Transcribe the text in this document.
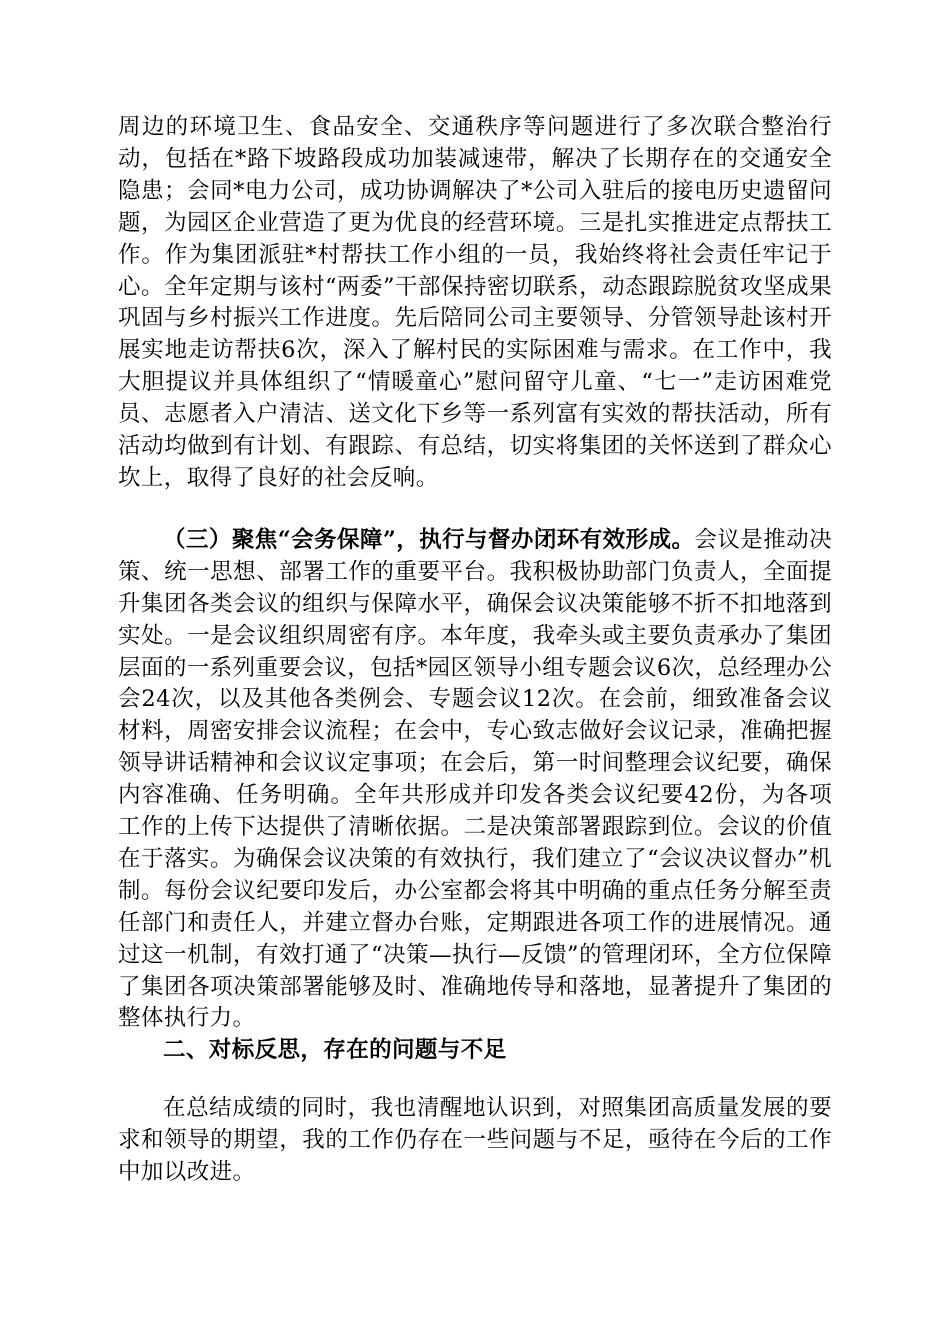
周边的环境卫生、食品安全、交通秩序等问题进行了多次联合整治行动，包括在*路下坡路段成功加装减速带，解决了长期存在的交通安全隐患；会同*电力公司，成功协调解决了*公司入驻后的接电历史遗留问题，为园区企业营造了更为优良的经营环境。三是扎实推进定点帮扶工作。作为集团派驻*村帮扶工作小组的一员，我始终将社会责任牢记于心。全年定期与该村“两委”干部保持密切联系，动态跟踪脱贫攻坚成果巩固与乡村振兴工作进度。先后陪同公司主要领导、分管领导赴该村开展实地走访帮扶6次，深入了解村民的实际困难与需求。在工作中，我大胆提议并具体组织了“情暖童心”慰问留守儿童、“七一”走访困难党员、志愿者入户清洁、送文化下乡等一系列富有实效的帮扶活动，所有活动均做到有计划、有跟踪、有总结，切实将集团的关怀送到了群众心坎上，取得了良好的社会反响。

（三）聚焦“会务保障”，执行与督办闭环有效形成。会议是推动决策、统一思想、部署工作的重要平台。我积极协助部门负责人，全面提升集团各类会议的组织与保障水平，确保会议决策能够不折不扣地落到实处。一是会议组织周密有序。本年度，我牵头或主要负责承办了集团层面的一系列重要会议，包括*园区领导小组专题会议6次，总经理办公会24次，以及其他各类例会、专题会议12次。在会前，细致准备会议材料，周密安排会议流程；在会中，专心致志做好会议记录，准确把握领导讲话精神和会议议定事项；在会后，第一时间整理会议纪要，确保内容准确、任务明确。全年共形成并印发各类会议纪要42份，为各项工作的上传下达提供了清晰依据。二是决策部署跟踪到位。会议的价值在于落实。为确保会议决策的有效执行，我们建立了“会议决议督办”机制。每份会议纪要印发后，办公室都会将其中明确的重点任务分解至责任部门和责任人，并建立督办台账，定期跟进各项工作的进展情况。通过这一机制，有效打通了“决策—执行—反馈”的管理闭环，全方位保障了集团各项决策部署能够及时、准确地传导和落地，显著提升了集团的整体执行力。

二、对标反思，存在的问题与不足

在总结成绩的同时，我也清醒地认识到，对照集团高质量发展的要求和领导的期望，我的工作仍存在一些问题与不足，亟待在今后的工作中加以改进。
